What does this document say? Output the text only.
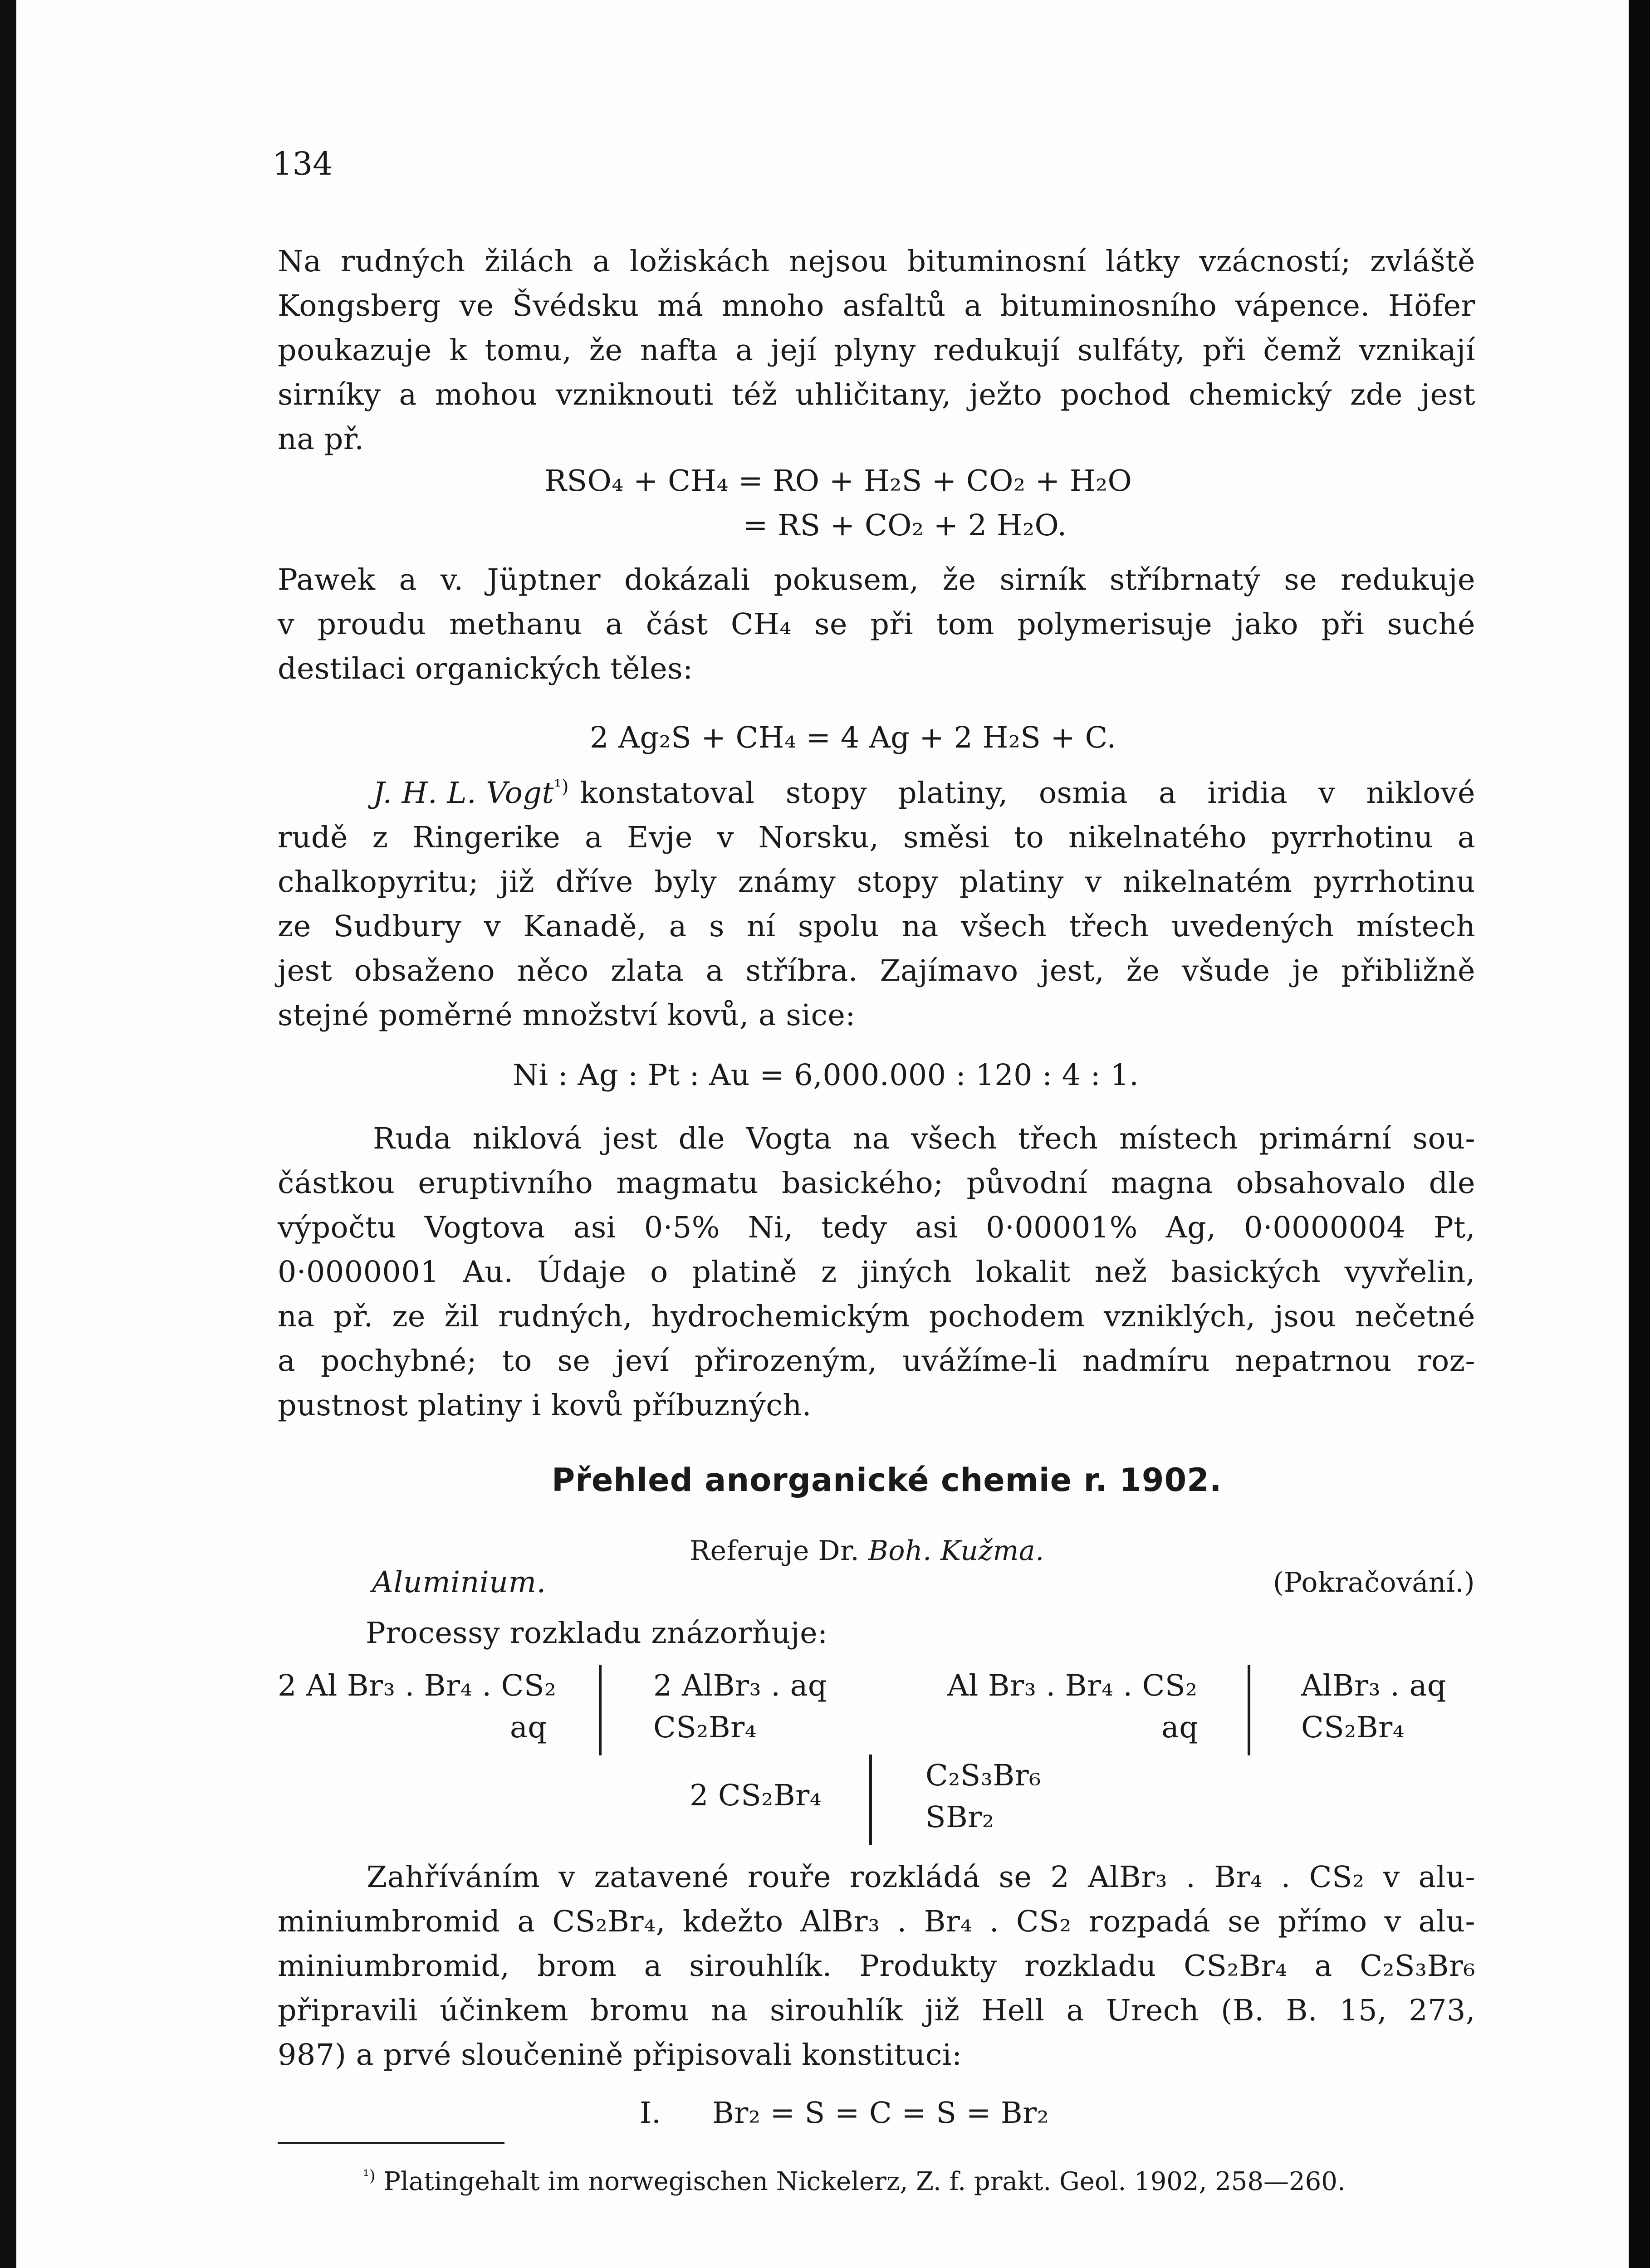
134
Na rudných žilách a ložiskách nejsou bituminosní látky vzácností; zvláště
Kongsberg ve Švédsku má mnoho asfaltů a bituminosního vápence. Höfer
poukazuje k tomu, že nafta a její plyny redukují sulfáty, při čemž vznikají
sirníky a mohou vzniknouti též uhličitany, ježto pochod chemický zde jest
na př.
RSO₄ + CH₄ = RO + H₂S + CO₂ + H₂O
= RS + CO₂ + 2 H₂O.
Pawek a v. Jüptner dokázali pokusem, že sirník stříbrnatý se redukuje
v proudu methanu a část CH₄ se při tom polymerisuje jako při suché
destilaci organických těles:
2 Ag₂S + CH₄ = 4 Ag + 2 H₂S + C.
J. H. L. Vogt$^{^1)}$ konstatoval stopy platiny, osmia a iridia v niklové
rudě z Ringerike a Evje v Norsku, směsi to nikelnatého pyrrhotinu a
chalkopyritu; již dříve byly známy stopy platiny v nikelnatém pyrrhotinu
ze Sudbury v Kanadě, a s ní spolu na všech třech uvedených místech
jest obsaženo něco zlata a stříbra. Zajímavo jest, že všude je přibližně
stejné poměrné množství kovů, a sice:
Ni : Ag : Pt : Au = 6,000.000 : 120 : 4 : 1.
Ruda niklová jest dle Vogta na všech třech místech primární sou-
částkou eruptivního magmatu basického; původní magna obsahovalo dle
výpočtu Vogtova asi 0·5% Ni, tedy asi 0·00001% Ag, 0·0000004 Pt,
0·0000001 Au. Údaje o platině z jiných lokalit než basických vyvřelin,
na př. ze žil rudných, hydrochemickým pochodem vzniklých, jsou nečetné
a pochybné; to se jeví přirozeným, uvážíme-li nadmíru nepatrnou roz-
pustnost platiny i kovů příbuzných.
Přehled anorganické chemie r. 1902.
Referuje Dr. Boh. Kužma.
Aluminium.	(Pokračování.)
Processy rozkladu znázorňuje:
2 Al Br₃ . Br₄ . CS₂
aq
2 AlBr₃ . aq
CS₂Br₄
Al Br₃ . Br₄ . CS₂
aq
AlBr₃ . aq
CS₂Br₄
2 CS₂Br₄
C₂S₃Br₆
SBr₂
Zahříváním v zatavené rouře rozkládá se 2 AlBr₃ . Br₄ . CS₂ v alu-
miniumbromid a CS₂Br₄, kdežto AlBr₃ . Br₄ . CS₂ rozpadá se přímo v alu-
miniumbromid, brom a sirouhlík. Produkty rozkladu CS₂Br₄ a C₂S₃Br₆
připravili účinkem bromu na sirouhlík již Hell a Urech (B. B. 15, 273,
987) a prvé sloučenině připisovali konstituci:
I. Br₂ = S = C = S = Br₂
$^{^1)}$ Platingehalt im norwegischen Nickelerz, Z. f. prakt. Geol. 1902, 258—260.
